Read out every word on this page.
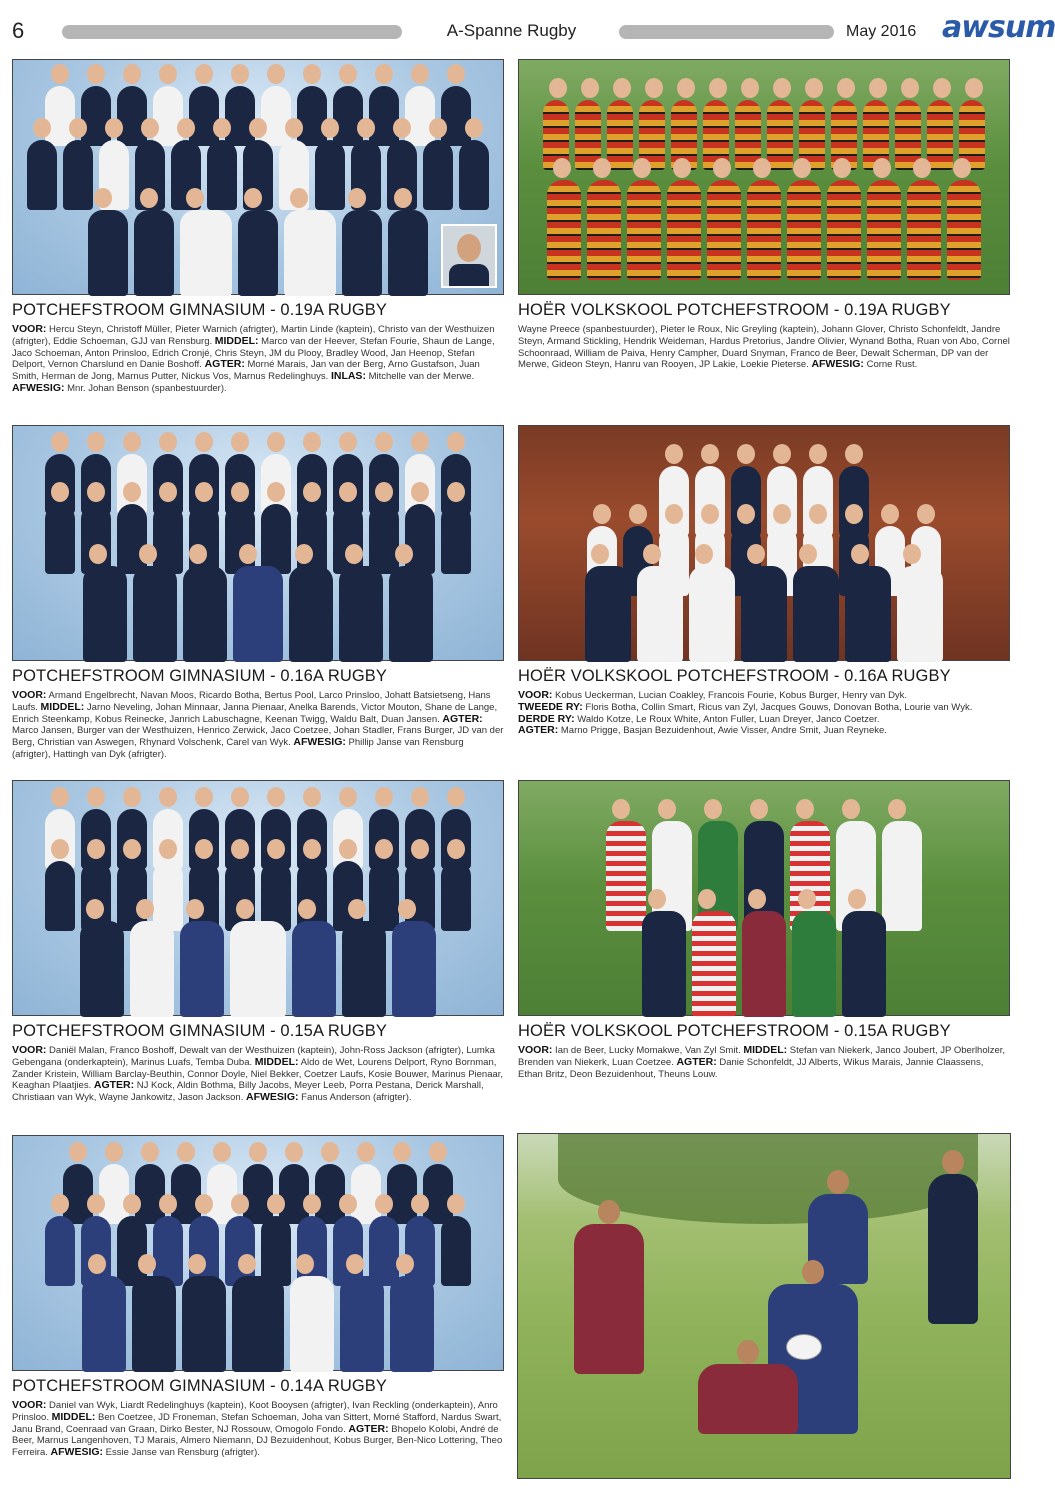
6	A-Spanne Rugby	May 2016 awsum
POTCHEFSTROOM GIMNASIUM - 0.19A RUGBY
VOOR: Hercu Steyn, Christoff Müller, Pieter Warnich (afrigter), Martin Linde (kaptein), Christo van der Westhuizen (afrigter), Eddie Schoeman, GJJ van Rensburg. MIDDEL: Marco van der Heever, Stefan Fourie, Shaun de Lange, Jaco Schoeman, Anton Prinsloo, Edrich Cronjé, Chris Steyn, JM du Plooy, Bradley Wood, Jan Heenop, Stefan Delport, Vernon Charslund en Danie Boshoff. AGTER: Morné Marais, Jan van der Berg, Arno Gustafson, Juan Smith, Herman de Jong, Marnus Putter, Nickus Vos, Marnus Redelinghuys. INLAS: Mitchelle van der Merwe. AFWESIG: Mnr. Johan Benson (spanbestuurder).
HOËR VOLKSKOOL POTCHEFSTROOM - 0.19A RUGBY
Wayne Preece (spanbestuurder), Pieter le Roux, Nic Greyling (kaptein), Johann Glover, Christo Schonfeldt, Jandre Steyn, Armand Stickling, Hendrik Weideman, Hardus Pretorius, Jandre Olivier, Wynand Botha, Ruan von Abo, Cornel Schoonraad, William de Paiva, Henry Campher, Duard Snyman, Franco de Beer, Dewalt Scherman, DP van der Merwe, Gideon Steyn, Hanru van Rooyen, JP Lakie, Loekie Pieterse. AFWESIG: Corne Rust.
POTCHEFSTROOM GIMNASIUM - 0.16A RUGBY
VOOR: Armand Engelbrecht, Navan Moos, Ricardo Botha, Bertus Pool, Larco Prinsloo, Johatt Batsietseng, Hans Laufs. MIDDEL: Jarno Neveling, Johan Minnaar, Janna Pienaar, Anelka Barends, Victor Mouton, Shane de Lange, Enrich Steenkamp, Kobus Reinecke, Janrich Labuschagne, Keenan Twigg, Waldu Balt, Duan Jansen. AGTER: Marco Jansen, Burger van der Westhuizen, Henrico Zerwick, Jaco Coetzee, Johan Stadler, Frans Burger, JD van der Berg, Christian van Aswegen, Rhynard Volschenk, Carel van Wyk. AFWESIG: Phillip Janse van Rensburg (afrigter), Hattingh van Dyk (afrigter).
HOËR VOLKSKOOL POTCHEFSTROOM - 0.16A RUGBY
VOOR: Kobus Ueckerman, Lucian Coakley, Francois Fourie, Kobus Burger, Henry van Dyk.
TWEEDE RY: Floris Botha, Collin Smart, Ricus van Zyl, Jacques Gouws, Donovan Botha, Lourie van Wyk. DERDE RY: Waldo Kotze, Le Roux White, Anton Fuller, Luan Dreyer, Janco Coetzer.
AGTER: Marno Prigge, Basjan Bezuidenhout, Awie Visser, Andre Smit, Juan Reyneke.
POTCHEFSTROOM GIMNASIUM - 0.15A RUGBY
VOOR: Daniël Malan, Franco Boshoff, Dewalt van der Westhuizen (kaptein), John-Ross Jackson (afrigter), Lumka Gebengana (onderkaptein), Marinus Luafs, Temba Duba. MIDDEL: Aldo de Wet, Lourens Delport, Ryno Bornman, Zander Kristein, William Barclay-Beuthin, Connor Doyle, Niel Bekker, Coetzer Laufs, Kosie Bouwer, Marinus Pienaar, Keaghan Plaatjies. AGTER: NJ Kock, Aldin Bothma, Billy Jacobs, Meyer Leeb, Porra Pestana, Derick Marshall, Christiaan van Wyk, Wayne Jankowitz, Jason Jackson. AFWESIG: Fanus Anderson (afrigter).
HOËR VOLKSKOOL POTCHEFSTROOM - 0.15A RUGBY
VOOR: Ian de Beer, Lucky Momakwe, Van Zyl Smit. MIDDEL: Stefan van Niekerk, Janco Joubert, JP Oberlholzer, Brenden van Niekerk, Luan Coetzee. AGTER: Danie Schonfeldt, JJ Alberts, Wikus Marais, Jannie Claassens, Ethan Britz, Deon Bezuidenhout, Theuns Louw.
POTCHEFSTROOM GIMNASIUM - 0.14A RUGBY
VOOR: Daniel van Wyk, Liardt Redelinghuys (kaptein), Koot Booysen (afrigter), Ivan Reckling (onderkaptein), Anro Prinsloo. MIDDEL: Ben Coetzee, JD Froneman, Stefan Schoeman, Joha van Sittert, Morné Stafford, Nardus Swart, Janu Brand, Coenraad van Graan, Dirko Bester, NJ Rossouw, Omogolo Fondo. AGTER: Bhopelo Kolobi, André de Beer, Marnus Langenhoven, TJ Marais, Almero Niemann, DJ Bezuidenhout, Kobus Burger, Ben-Nico Lottering, Theo Ferreira. AFWESIG: Essie Janse van Rensburg (afrigter).
